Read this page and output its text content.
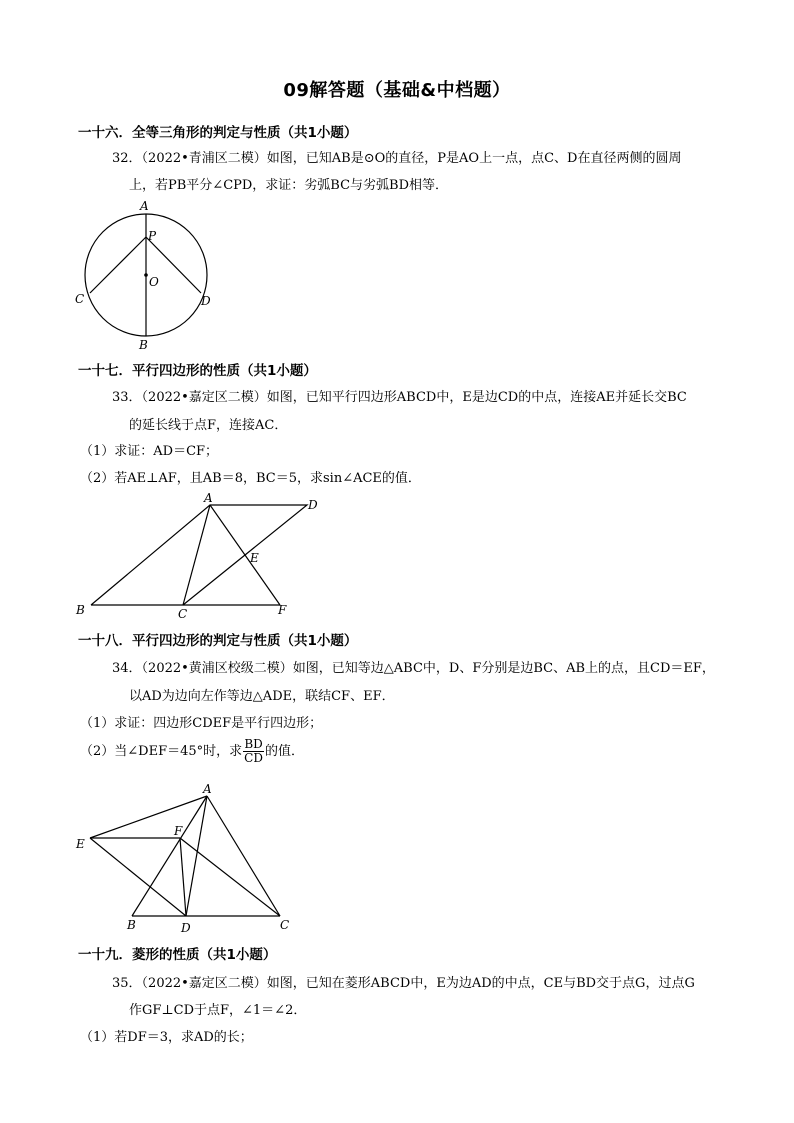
09解答题（基础&中档题）
一十六．全等三角形的判定与性质（共1小题）
32．（2022•青浦区二模）如图，已知AB是⊙O的直径，P是AO上一点，点C、D在直径两侧的圆周
上，若PB平分∠CPD，求证：劣弧BC与劣弧BD相等．
A
P
O
C	D
B
一十七．平行四边形的性质（共1小题）
33．（2022•嘉定区二模）如图，已知平行四边形ABCD中，E是边CD的中点，连接AE并延长交BC
的延长线于点F，连接AC．
（1）求证：AD＝CF；
（2）若AE⊥AF，且AB＝8，BC＝5，求sin∠ACE的值．
A	D
E
B	C	F
一十八．平行四边形的判定与性质（共1小题）
34．（2022•黄浦区校级二模）如图，已知等边△ABC中，D、F分别是边BC、AB上的点，且CD＝EF，
以AD为边向左作等边△ADE，联结CF、EF．
（1）求证：四边形CDEF是平行四边形；
（2）当∠DEF＝45°时，求 $\frac{BD}{CD}$ 的值．
A
F
E
B	D	C
一十九．菱形的性质（共1小题）
35．（2022•嘉定区二模）如图，已知在菱形ABCD中，E为边AD的中点，CE与BD交于点G，过点G
作GF⊥CD于点F，∠1＝∠2．
（1）若DF＝3，求AD的长；
